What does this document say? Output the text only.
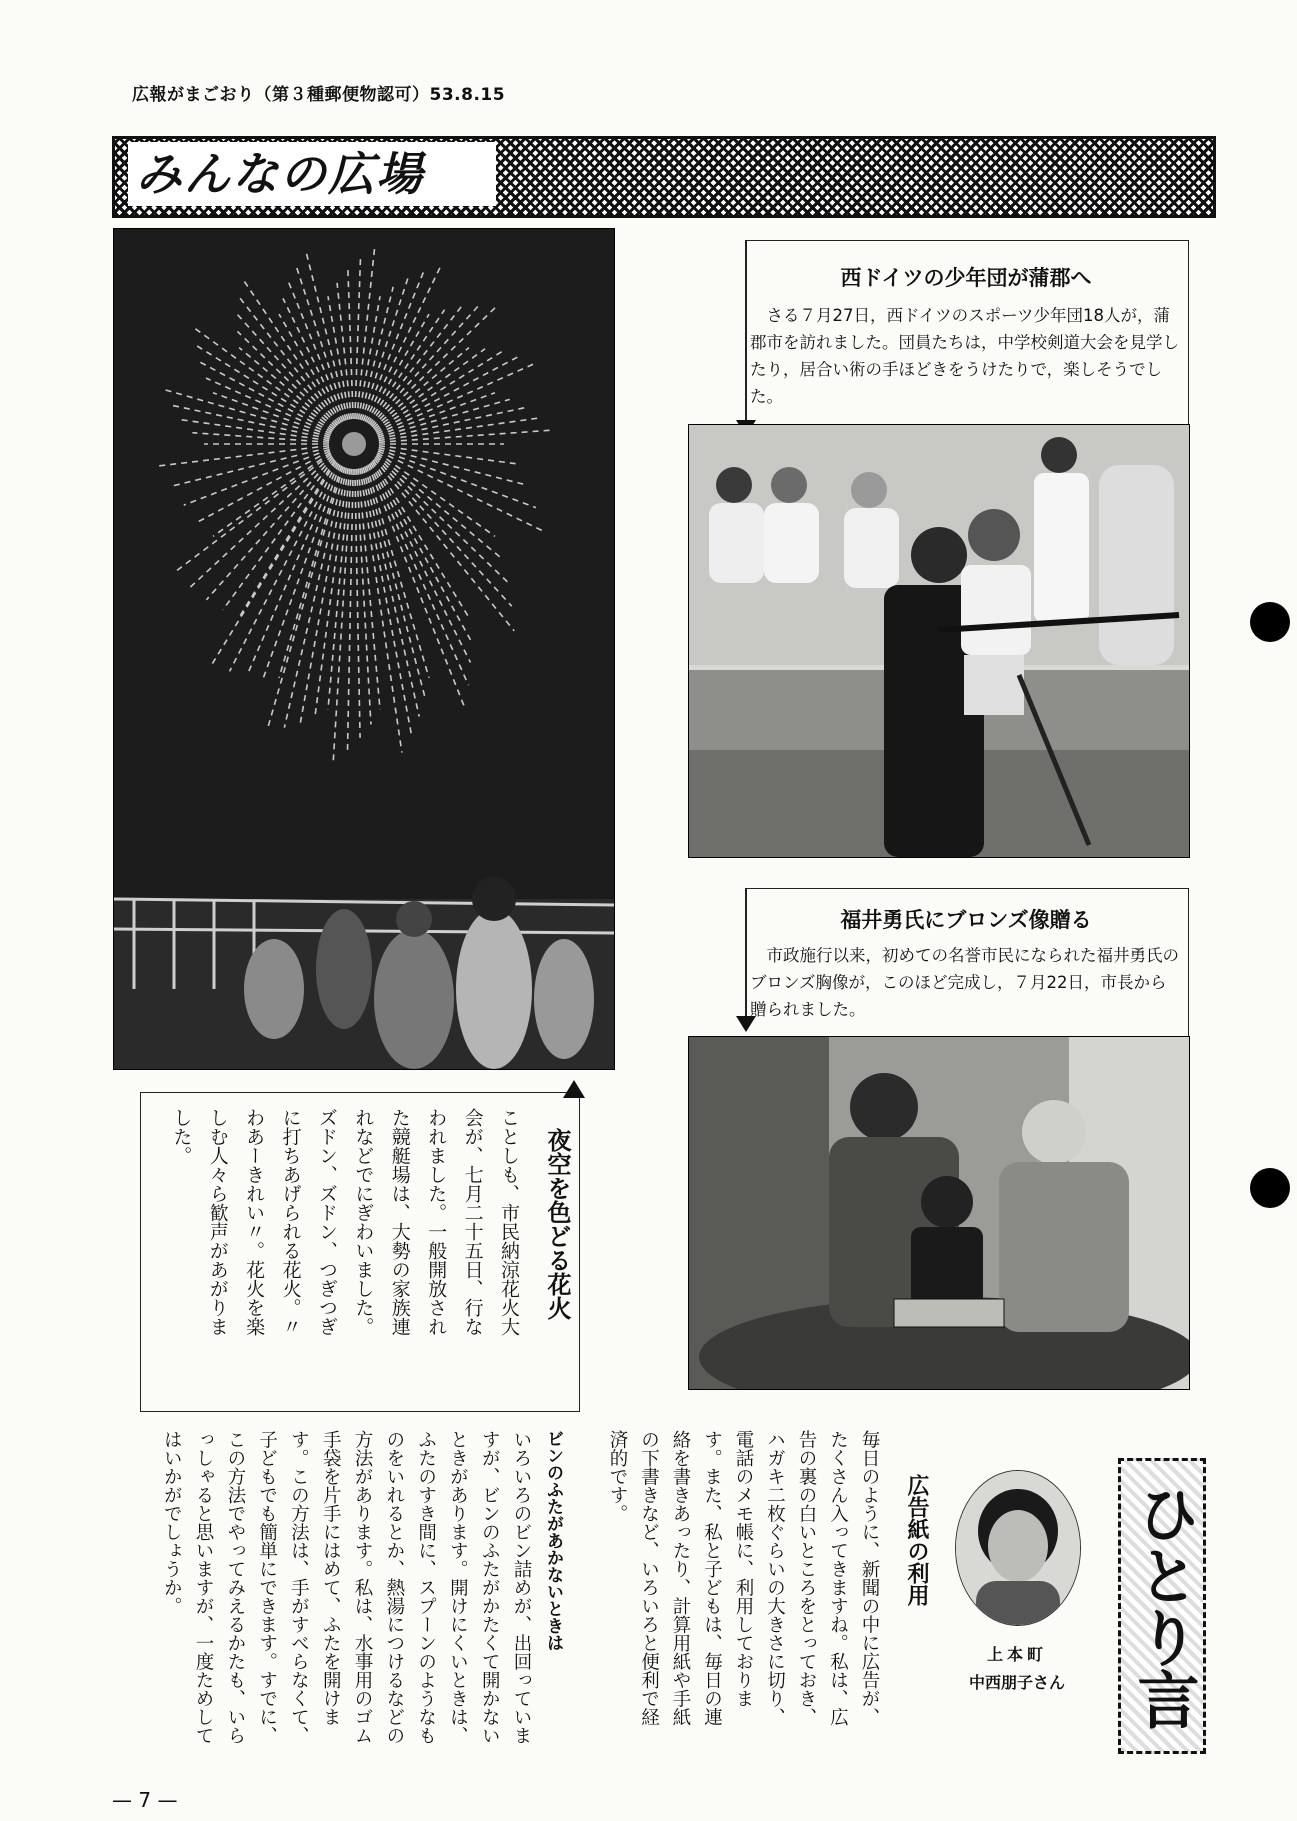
広報がまごおり（第３種郵便物認可）53.8.15
みんなの広場
夜空を色どる花火
ことしも、市民納涼花火大会が、七月二十五日、行なわれました。一般開放された競艇場は、大勢の家族連れなどでにぎわいました。ズドン、ズドン、つぎつぎに打ちあげられる花火。〃わあーきれい〃。花火を楽しむ人々ら歓声があがりました。
西ドイツの少年団が蒲郡へ
さる７月27日，西ドイツのスポーツ少年団18人が，蒲郡市を訪れました。団員たちは，中学校剣道大会を見学したり，居合い術の手ほどきをうけたりで，楽しそうでした。
福井勇氏にブロンズ像贈る
市政施行以来，初めての名誉市民になられた福井勇氏のブロンズ胸像が，このほど完成し，７月22日，市長から贈られました。
ひとり言
上本町
中西朋子さん
広告紙の利用
毎日のように、新聞の中に広告が、たくさん入ってきますね。私は、広告の裏の白いところをとっておき、ハガキ二枚ぐらいの大きさに切り、電話のメモ帳に、利用しております。また、私と子どもは、毎日の連絡を書きあったり、計算用紙や手紙の下書きなど、いろいろと便利で経済的です。
ビンのふたがあかないときは
いろいろのビン詰めが、出回っていますが、ビンのふたがかたくて開かないときがあります。開けにくいときは、ふたのすき間に、スプーンのようなものをいれるとか、熱湯につけるなどの方法があります。私は、水事用のゴム手袋を片手にはめて、ふたを開けます。この方法は、手がすべらなくて、子どもでも簡単にできます。すでに、この方法でやってみえるかたも、いらっしゃると思いますが、一度ためしてはいかがでしょうか。
— 7 —
